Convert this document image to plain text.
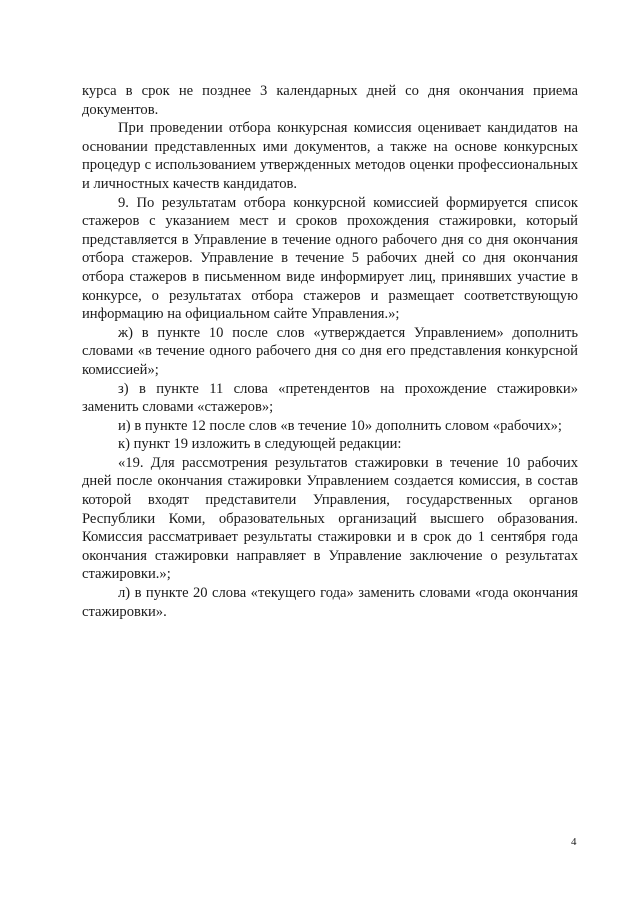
курса в срок не позднее 3 календарных дней со дня окончания приема документов.

При проведении отбора конкурсная комиссия оценивает кандидатов на основании представленных ими документов, а также на основе конкурсных процедур с использованием утвержденных методов оценки профессиональных и личностных качеств кандидатов.

9. По результатам отбора конкурсной комиссией формируется список стажеров с указанием мест и сроков прохождения стажировки, который представляется в Управление в течение одного рабочего дня со дня окончания отбора стажеров. Управление в течение 5 рабочих дней со дня окончания отбора стажеров в письменном виде информирует лиц, принявших участие в конкурсе, о результатах отбора стажеров и размещает соответствующую информацию на официальном сайте Управления.»;

ж) в пункте 10 после слов «утверждается Управлением» дополнить словами «в течение одного рабочего дня со дня его представления конкурсной комиссией»;

з) в пункте 11 слова «претендентов на прохождение стажировки» заменить словами «стажеров»;

и) в пункте 12 после слов «в течение 10» дополнить словом «рабочих»;

к) пункт 19 изложить в следующей редакции:

«19. Для рассмотрения результатов стажировки в течение 10 рабочих дней после окончания стажировки Управлением создается комиссия, в состав которой входят представители Управления, государственных органов Республики Коми, образовательных организаций высшего образования. Комиссия рассматривает результаты стажировки и в срок до 1 сентября года окончания стажировки направляет в Управление заключение о результатах стажировки.»;

л) в пункте 20 слова «текущего года» заменить словами «года окончания стажировки».

4
